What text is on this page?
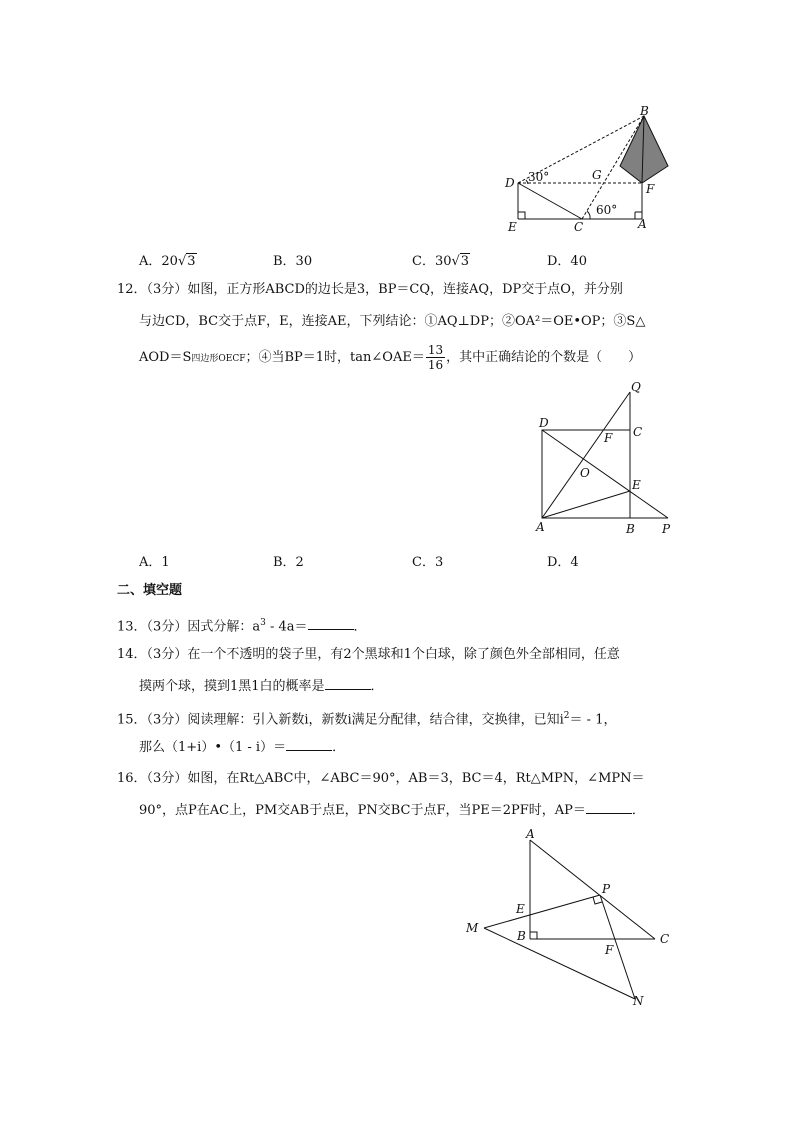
B
D
G
F
E	C	A
30°
60°
A．20√3	B．30	C．30√3	D．40
12．（3分）如图，正方形ABCD的边长是3，BP＝CQ，连接AQ，DP交于点O，并分别
与边CD，BC交于点F，E，连接AE，下列结论：①AQ⊥DP；②OA²＝OE•OP；③S△
AOD＝S四边形OECF；④当BP＝1时，tan∠OAE＝ $\frac{13}{16}$ ，其中正确结论的个数是（　　）
Q
D
C
F
O
E
A	B P
A．1	B．2	C．3	D．4
二、填空题
13．（3分）因式分解：$a^3 - 4a=$	．
14．（3分）在一个不透明的袋子里，有2个黑球和1个白球，除了颜色外全部相同，任意
摸两个球，摸到1黑1白的概率是	．
15．（3分）阅读理解：引入新数i，新数i满足分配律，结合律，交换律，已知$i^2= - 1$，
那么（1+i）•（1 - i）＝	．
16．（3分）如图，在Rt△ABC中，∠ABC＝90°，AB＝3，BC＝4，Rt△MPN，∠MPN＝
90°，点P在AC上，PM交AB于点E，PN交BC于点F，当PE＝2PF时，AP＝	．
A
P
E
M
B	C
F
N
